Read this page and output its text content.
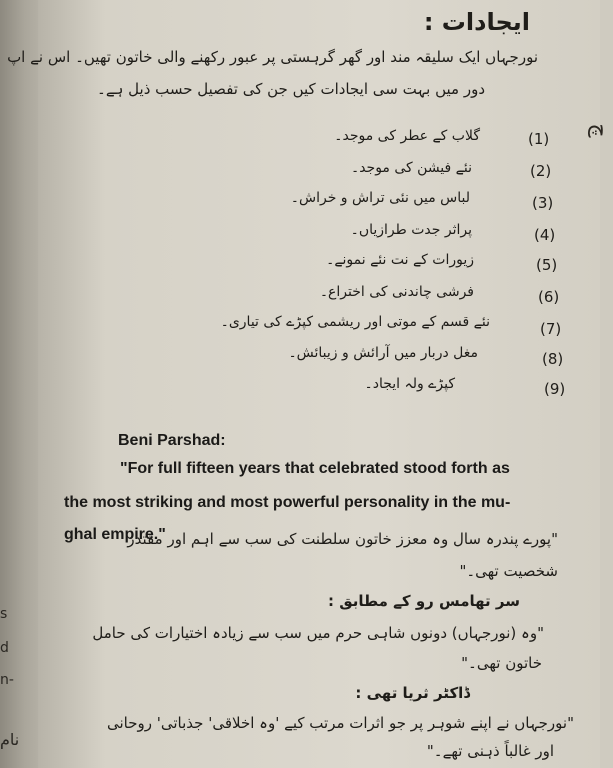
s
d
n-
نام
ایجادات :
نورجہاں ایک سلیقہ مند اور گھر گرہستی پر عبور رکھنے والی خاتون تھیں۔ اس نے اپ
دور میں بہت سی ایجادات کیں جن کی تفصیل حسب ذیل ہے۔
چ
(1)
گلاب کے عطر کی موجد۔
(2)
نئے فیشن کی موجد۔
(3)
لباس میں نئی تراش و خراش۔
(4)
پراثر جدت طرازیاں۔
(5)
زیورات کے نت نئے نمونے۔
(6)
فرشی چاندنی کی اختراع۔
(7)
نئے قسم کے موتی اور ریشمی کپڑے کی تیاری۔
(8)
مغل دربار میں آرائش و زیبائش۔
(9)
کپڑے ولہ ایجاد۔
Beni Parshad:
"For full fifteen years that celebrated stood forth as
the most striking and most powerful personality in the mu-
ghal empire."
"پورے پندرہ سال وہ معزز خاتون سلطنت کی سب سے اہم اور مقتدر
شخصیت تھی۔"
سر تھامس رو کے مطابق :
"وہ (نورجہاں) دونوں شاہی حرم میں سب سے زیادہ اختیارات کی حامل
خاتون تھی۔"
ڈاکٹر ثریا تھی :
"نورجہاں نے اپنے شوہر پر جو اثرات مرتب کیے 'وہ اخلاقی' جذباتی' روحانی
اور غالباً ذہنی تھے۔"
